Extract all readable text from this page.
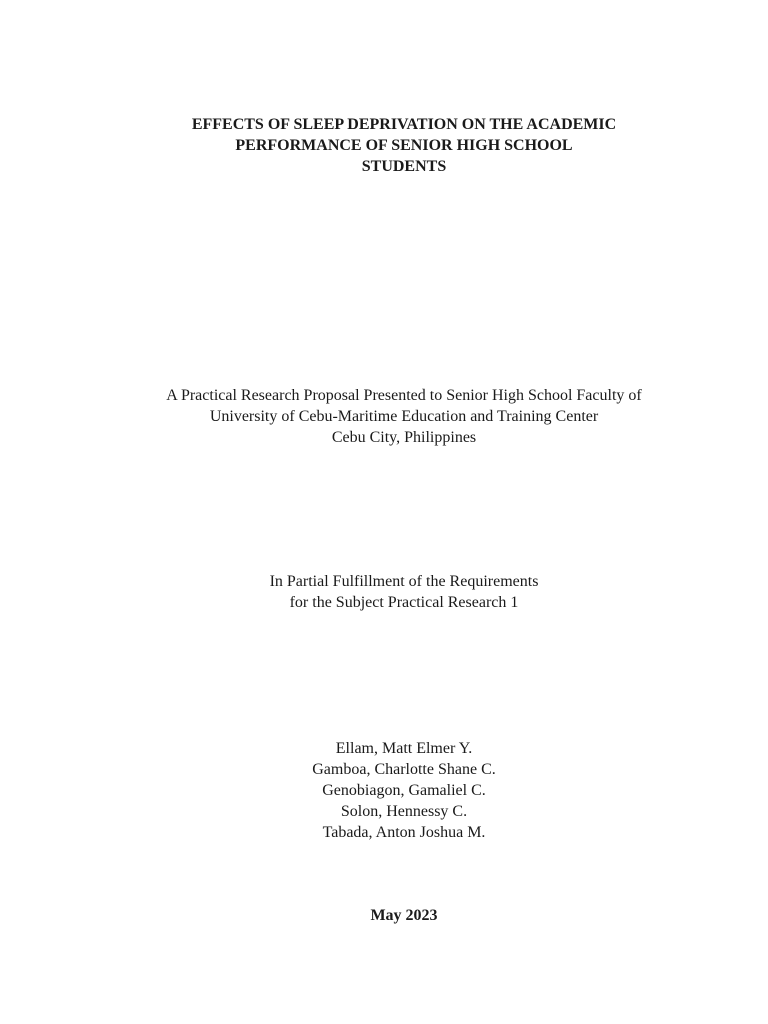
EFFECTS OF SLEEP DEPRIVATION ON THE ACADEMIC
PERFORMANCE OF SENIOR HIGH SCHOOL
STUDENTS
A Practical Research Proposal Presented to Senior High School Faculty of
University of Cebu-Maritime Education and Training Center
Cebu City, Philippines
In Partial Fulfillment of the Requirements
for the Subject Practical Research 1
Ellam, Matt Elmer Y.
Gamboa, Charlotte Shane C.
Genobiagon, Gamaliel C.
Solon, Hennessy C.
Tabada, Anton Joshua M.
May 2023
